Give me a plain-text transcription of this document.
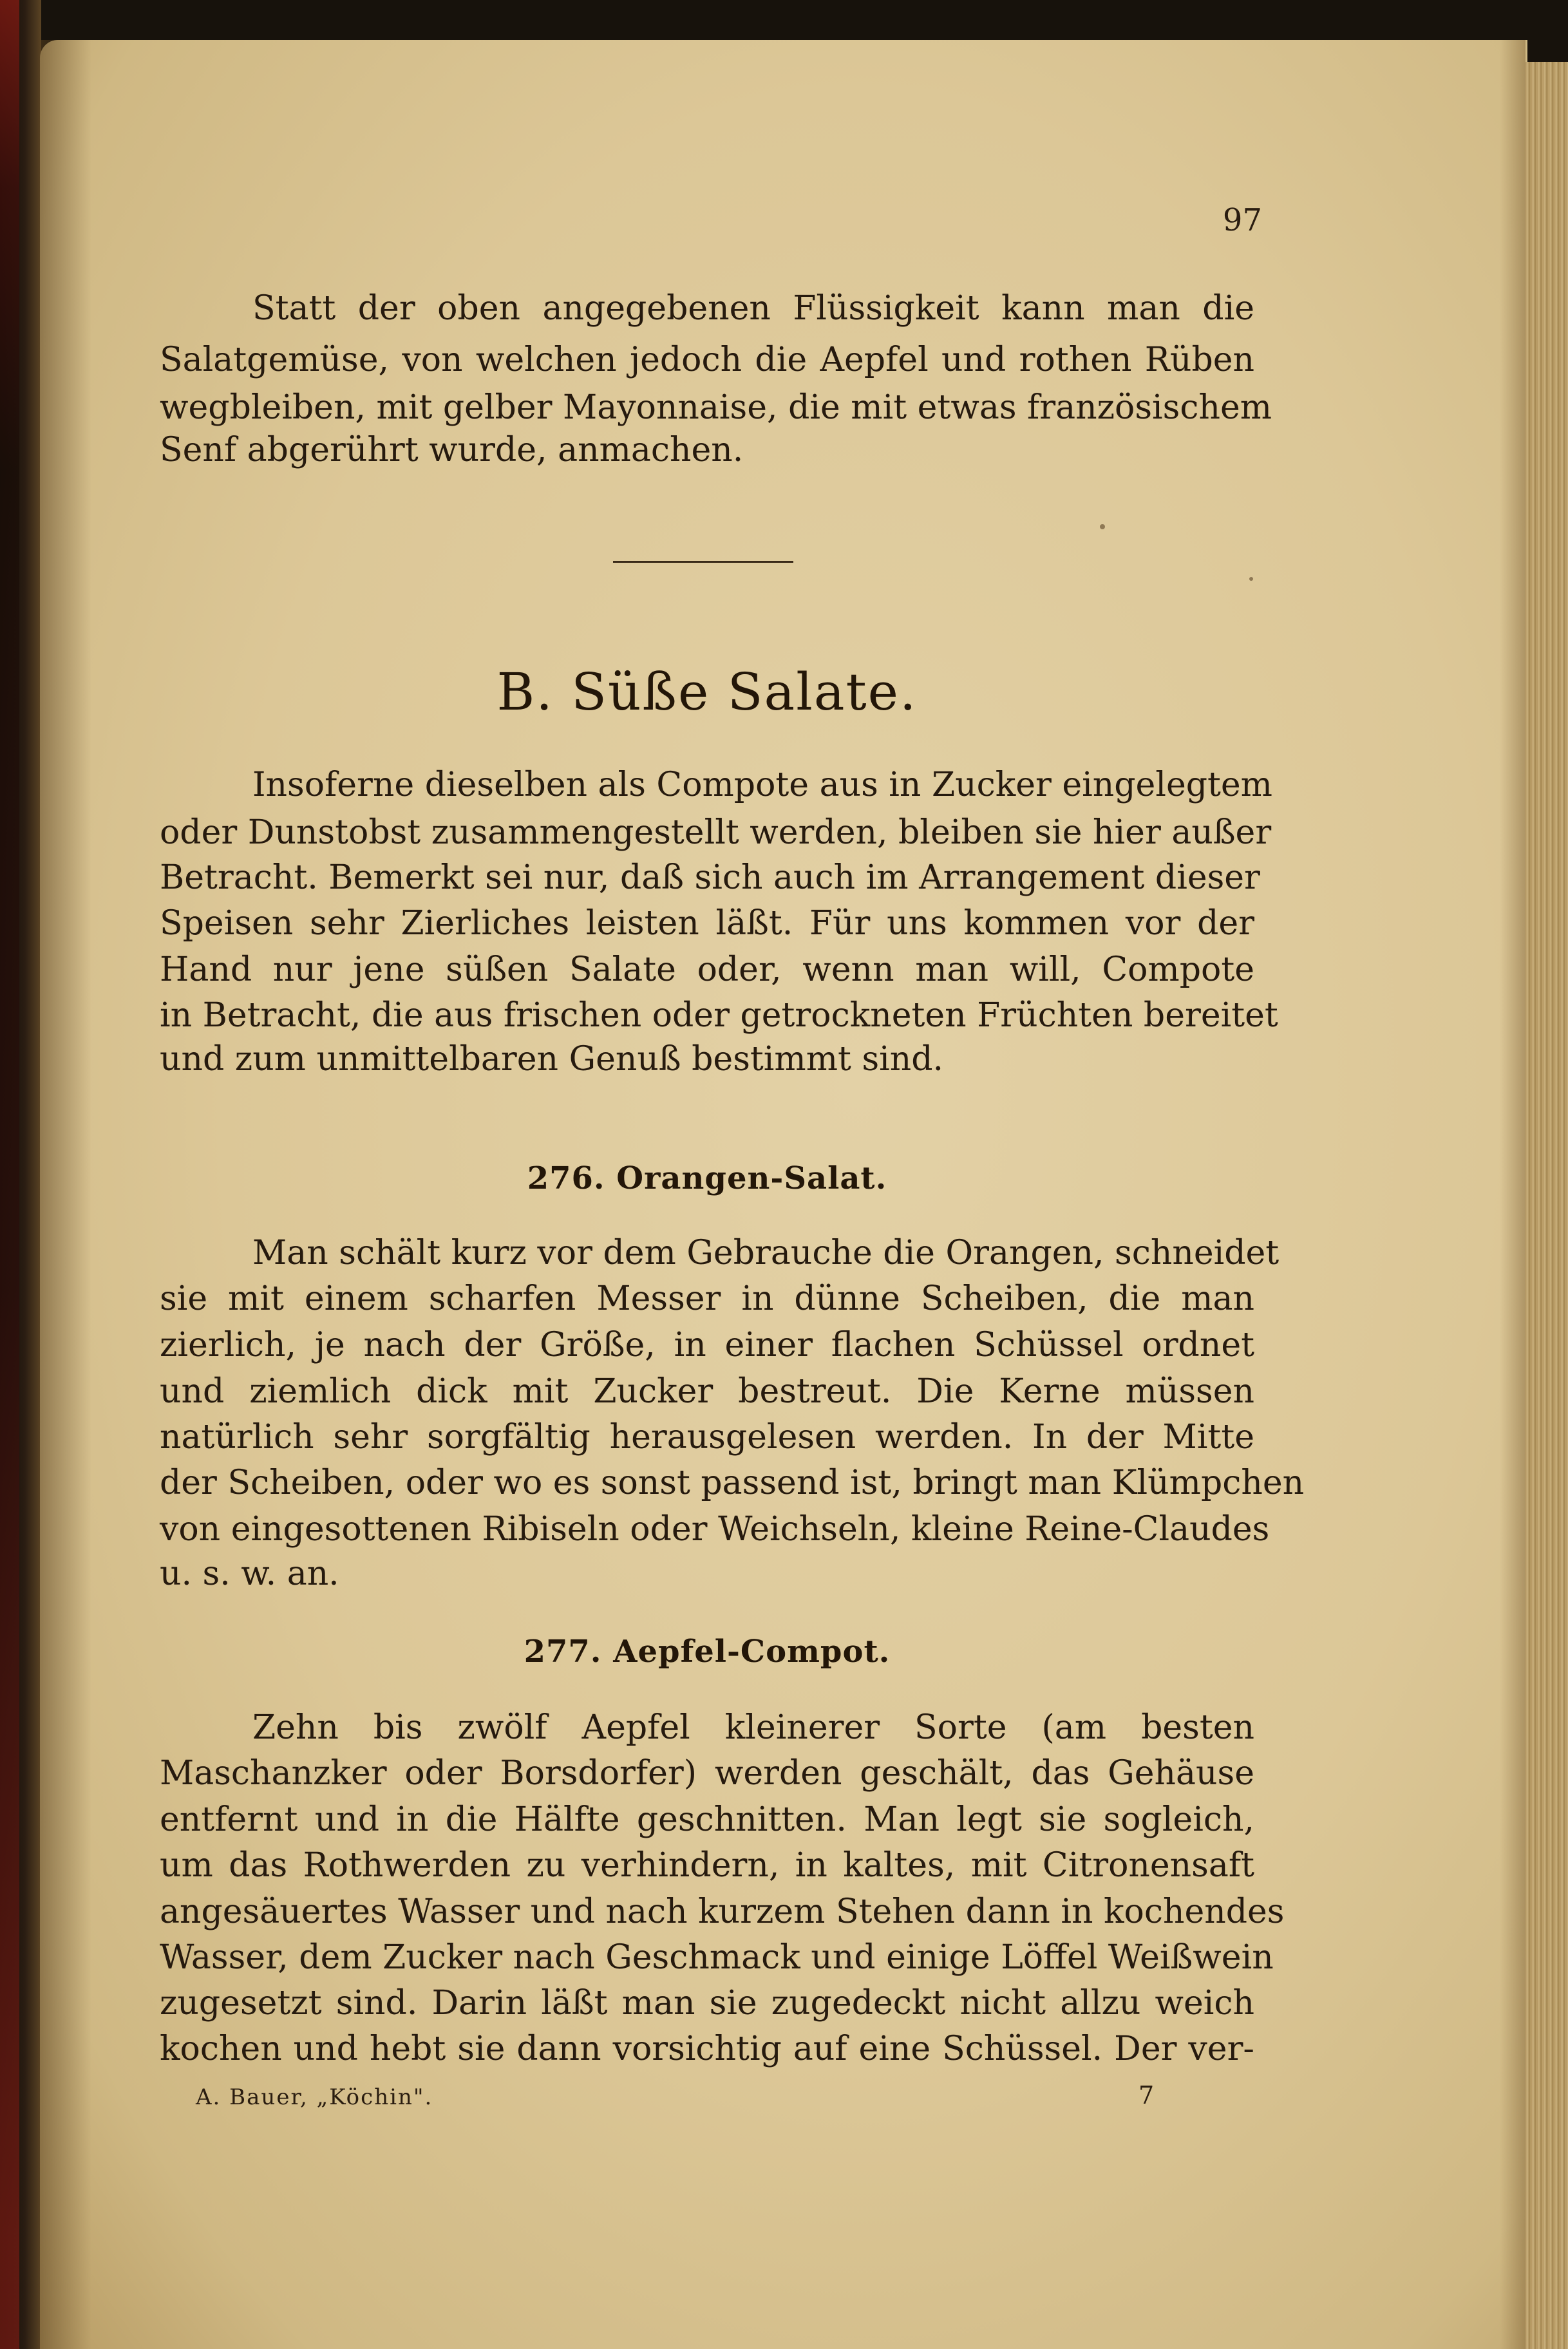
97
Statt der oben angegebenen Flüssigkeit kann man die
Salatgemüse, von welchen jedoch die Aepfel und rothen Rüben
wegbleiben, mit gelber Mayonnaise, die mit etwas französischem
Senf abgerührt wurde, anmachen.
B. Süße Salate.
Insoferne dieselben als Compote aus in Zucker eingelegtem
oder Dunstobst zusammengestellt werden, bleiben sie hier außer
Betracht. Bemerkt sei nur, daß sich auch im Arrangement dieser
Speisen sehr Zierliches leisten läßt. Für uns kommen vor der
Hand nur jene süßen Salate oder, wenn man will, Compote
in Betracht, die aus frischen oder getrockneten Früchten bereitet
und zum unmittelbaren Genuß bestimmt sind.
276. Orangen-Salat.
Man schält kurz vor dem Gebrauche die Orangen, schneidet
sie mit einem scharfen Messer in dünne Scheiben, die man
zierlich, je nach der Größe, in einer flachen Schüssel ordnet
und ziemlich dick mit Zucker bestreut. Die Kerne müssen
natürlich sehr sorgfältig herausgelesen werden. In der Mitte
der Scheiben, oder wo es sonst passend ist, bringt man Klümpchen
von eingesottenen Ribiseln oder Weichseln, kleine Reine-Claudes
u. s. w. an.
277. Aepfel-Compot.
Zehn bis zwölf Aepfel kleinerer Sorte (am besten
Maschanzker oder Borsdorfer) werden geschält, das Gehäuse
entfernt und in die Hälfte geschnitten. Man legt sie sogleich,
um das Rothwerden zu verhindern, in kaltes, mit Citronensaft
angesäuertes Wasser und nach kurzem Stehen dann in kochendes
Wasser, dem Zucker nach Geschmack und einige Löffel Weißwein
zugesetzt sind. Darin läßt man sie zugedeckt nicht allzu weich
kochen und hebt sie dann vorsichtig auf eine Schüssel. Der ver-
A. Bauer, „Köchin".	7
